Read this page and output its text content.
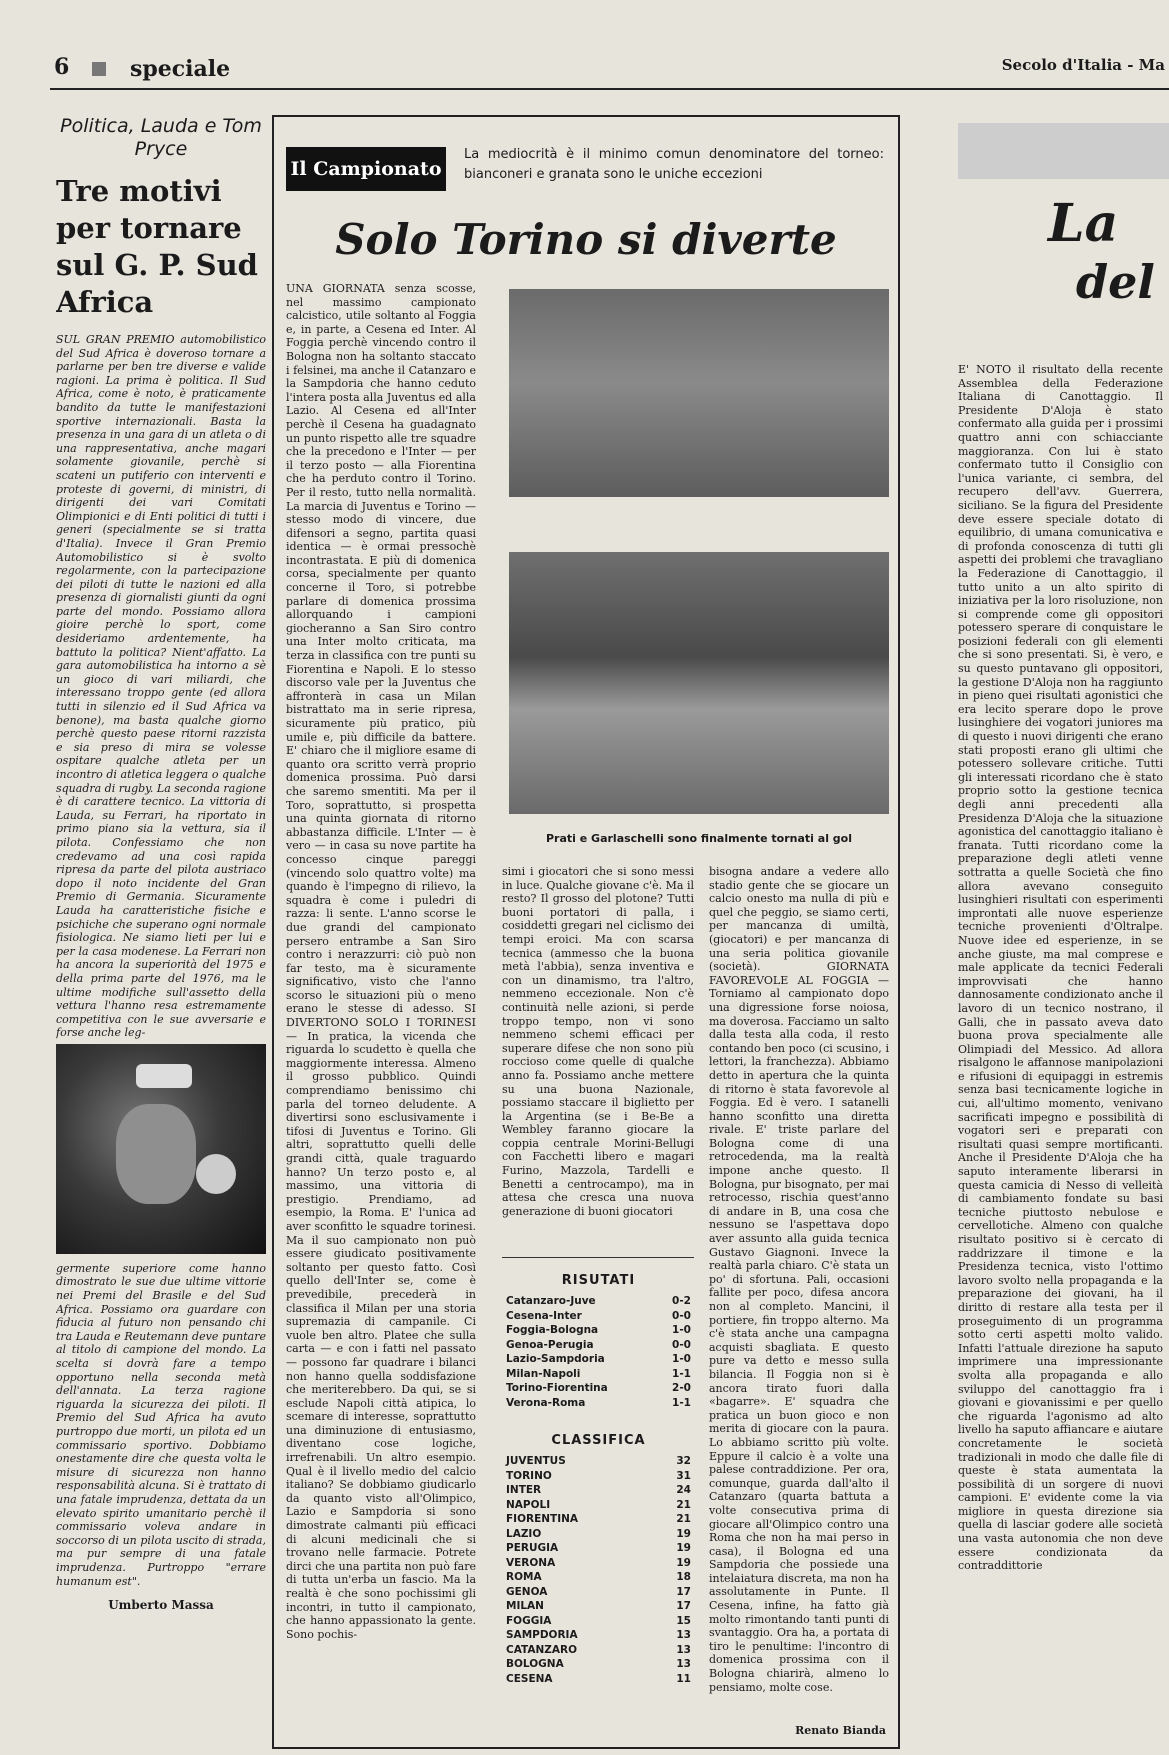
6	speciale	Secolo d'Italia - Ma

Politica, Lauda e Tom Pryce

Tre motivi per tornare sul G. P. Sud Africa

SUL GRAN PREMIO automobilistico del Sud Africa è doveroso tornare a parlarne per ben tre diverse e valide ragioni. La prima è politica. Il Sud Africa, come è noto, è praticamente bandito da tutte le manifestazioni sportive internazionali. Basta la presenza in una gara di un atleta o di una rappresentativa, anche magari solamente giovanile, perchè si scateni un putiferio con interventi e proteste di governi, di ministri, di dirigenti dei vari Comitati Olimpionici e di Enti politici di tutti i generi (specialmente se si tratta d'Italia). Invece il Gran Premio Automobilistico si è svolto regolarmente, con la partecipazione dei piloti di tutte le nazioni ed alla presenza di giornalisti giunti da ogni parte del mondo. Possiamo allora gioire perchè lo sport, come desideriamo ardentemente, ha battuto la politica? Nient'affatto. La gara automobilistica ha intorno a sè un gioco di vari miliardi, che interessano troppo gente (ed allora tutti in silenzio ed il Sud Africa va benone), ma basta qualche giorno perchè questo paese ritorni razzista e sia preso di mira se volesse ospitare qualche atleta per un incontro di atletica leggera o qualche squadra di rugby. La seconda ragione è di carattere tecnico. La vittoria di Lauda, su Ferrari, ha riportato in primo piano sia la vettura, sia il pilota. Confessiamo che non credevamo ad una così rapida ripresa da parte del pilota austriaco dopo il noto incidente del Gran Premio di Germania. Sicuramente Lauda ha caratteristiche fisiche e psichiche che superano ogni normale fisiologica. Ne siamo lieti per lui e per la casa modenese. La Ferrari non ha ancora la superiorità del 1975 e della prima parte del 1976, ma le ultime modifiche sull'assetto della vettura l'hanno resa estremamente competitiva con le sue avversarie e forse anche leg-

germente superiore come hanno dimostrato le sue due ultime vittorie nei Premi del Brasile e del Sud Africa. Possiamo ora guardare con fiducia al futuro non pensando chi tra Lauda e Reutemann deve puntare al titolo di campione del mondo. La scelta si dovrà fare a tempo opportuno nella seconda metà dell'annata. La terza ragione riguarda la sicurezza dei piloti. Il Premio del Sud Africa ha avuto purtroppo due morti, un pilota ed un commissario sportivo. Dobbiamo onestamente dire che questa volta le misure di sicurezza non hanno responsabilità alcuna. Si è trattato di una fatale imprudenza, dettata da un elevato spirito umanitario perchè il commissario voleva andare in soccorso di un pilota uscito di strada, ma pur sempre di una fatale imprudenza. Purtroppo "errare humanum est".

Umberto Massa
Il Campionato
La mediocrità è il minimo comun denominatore del torneo: bianconeri e granata sono le uniche eccezioni
Solo Torino si diverte

UNA GIORNATA senza scosse, nel massimo campionato calcistico, utile soltanto al Foggia e, in parte, a Cesena ed Inter. Al Foggia perchè vincendo contro il Bologna non ha soltanto staccato i felsinei, ma anche il Catanzaro e la Sampdoria che hanno ceduto l'intera posta alla Juventus ed alla Lazio. Al Cesena ed all'Inter perchè il Cesena ha guadagnato un punto rispetto alle tre squadre che la precedono e l'Inter — per il terzo posto — alla Fiorentina che ha perduto contro il Torino. Per il resto, tutto nella normalità. La marcia di Juventus e Torino — stesso modo di vincere, due difensori a segno, partita quasi identica — è ormai pressochè incontrastata. E più di domenica corsa, specialmente per quanto concerne il Toro, si potrebbe parlare di domenica prossima allorquando i campioni giocheranno a San Siro contro una Inter molto criticata, ma terza in classifica con tre punti su Fiorentina e Napoli. E lo stesso discorso vale per la Juventus che affronterà in casa un Milan bistrattato ma in serie ripresa, sicuramente più pratico, più umile e, più difficile da battere. E' chiaro che il migliore esame di quanto ora scritto verrà proprio domenica prossima. Può darsi che saremo smentiti. Ma per il Toro, soprattutto, si prospetta una quinta giornata di ritorno abbastanza difficile. L'Inter — è vero — in casa su nove partite ha concesso cinque pareggi (vincendo solo quattro volte) ma quando è l'impegno di rilievo, la squadra è come i puledri di razza: li sente. L'anno scorse le due grandi del campionato persero entrambe a San Siro contro i nerazzurri: ciò può non far testo, ma è sicuramente significativo, visto che l'anno scorso le situazioni più o meno erano le stesse di adesso. SI DIVERTONO SOLO I TORINESI — In pratica, la vicenda che riguarda lo scudetto è quella che maggiormente interessa. Almeno il grosso pubblico. Quindi comprendiamo benissimo chi parla del torneo deludente. A divertirsi sono esclusivamente i tifosi di Juventus e Torino. Gli altri, soprattutto quelli delle grandi città, quale traguardo hanno? Un terzo posto e, al massimo, una vittoria di prestigio. Prendiamo, ad esempio, la Roma. E' l'unica ad aver sconfitto le squadre torinesi. Ma il suo campionato non può essere giudicato positivamente soltanto per questo fatto. Così quello dell'Inter se, come è prevedibile, precederà in classifica il Milan per una storia supremazia di campanile. Ci vuole ben altro. Platee che sulla carta — e con i fatti nel passato — possono far quadrare i bilanci non hanno quella soddisfazione che meriterebbero. Da qui, se si esclude Napoli città atipica, lo scemare di interesse, soprattutto una diminuzione di entusiasmo, diventano cose logiche, irrefrenabili. Un altro esempio. Qual è il livello medio del calcio italiano? Se dobbiamo giudicarlo da quanto visto all'Olimpico, Lazio e Sampdoria si sono dimostrate calmanti più efficaci di alcuni medicinali che si trovano nelle farmacie. Potrete dirci che una partita non può fare di tutta un'erba un fascio. Ma la realtà è che sono pochissimi gli incontri, in tutto il campionato, che hanno appassionato la gente. Sono pochis-

Prati e Garlaschelli sono finalmente tornati al gol

simi i giocatori che si sono messi in luce. Qualche giovane c'è. Ma il resto? Il grosso del plotone? Tutti buoni portatori di palla, i cosiddetti gregari nel ciclismo dei tempi eroici. Ma con scarsa tecnica (ammesso che la buona metà l'abbia), senza inventiva e con un dinamismo, tra l'altro, nemmeno eccezionale. Non c'è continuità nelle azioni, si perde troppo tempo, non vi sono nemmeno schemi efficaci per superare difese che non sono più roccioso come quelle di qualche anno fa. Possiamo anche mettere su una buona Nazionale, possiamo staccare il biglietto per la Argentina (se i Be-Be a Wembley faranno giocare la coppia centrale Morini-Bellugi con Facchetti libero e magari Furino, Mazzola, Tardelli e Benetti a centrocampo), ma in attesa che cresca una nuova generazione di buoni giocatori

RISUTATI
Catanzaro-Juve	0-2
Cesena-Inter	0-0
Foggia-Bologna	1-0
Genoa-Perugia	0-0
Lazio-Sampdoria	1-0
Milan-Napoli	1-1
Torino-Fiorentina	2-0
Verona-Roma	1-1
CLASSIFICA
JUVENTUS	32
TORINO	31
INTER	24
NAPOLI	21
FIORENTINA	21
LAZIO	19
PERUGIA	19
VERONA	19
ROMA	18
GENOA	17
MILAN	17
FOGGIA	15
SAMPDORIA	13
CATANZARO	13
BOLOGNA	13
CESENA	11

bisogna andare a vedere allo stadio gente che se giocare un calcio onesto ma nulla di più e quel che peggio, se siamo certi, per mancanza di umiltà, (giocatori) e per mancanza di una seria politica giovanile (società). GIORNATA FAVOREVOLE AL FOGGIA — Torniamo al campionato dopo una digressione forse noiosa, ma doverosa. Facciamo un salto dalla testa alla coda, il resto contando ben poco (ci scusino, i lettori, la franchezza). Abbiamo detto in apertura che la quinta di ritorno è stata favorevole al Foggia. Ed è vero. I satanelli hanno sconfitto una diretta rivale. E' triste parlare del Bologna come di una retrocedenda, ma la realtà impone anche questo. Il Bologna, pur bisognato, per mai retrocesso, rischia quest'anno di andare in B, una cosa che nessuno se l'aspettava dopo aver assunto alla guida tecnica Gustavo Giagnoni. Invece la realtà parla chiaro. C'è stata un po' di sfortuna. Pali, occasioni fallite per poco, difesa ancora non al completo. Mancini, il portiere, fin troppo alterno. Ma c'è stata anche una campagna acquisti sbagliata. E questo pure va detto e messo sulla bilancia. Il Foggia non si è ancora tirato fuori dalla «bagarre». E' squadra che pratica un buon gioco e non merita di giocare con la paura. Lo abbiamo scritto più volte. Eppure il calcio è a volte una palese contraddizione. Per ora, comunque, guarda dall'alto il Catanzaro (quarta battuta a volte consecutiva prima di giocare all'Olimpico contro una Roma che non ha mai perso in casa), il Bologna ed una Sampdoria che possiede una intelaiatura discreta, ma non ha assolutamente in Punte. Il Cesena, infine, ha fatto già molto rimontando tanti punti di svantaggio. Ora ha, a portata di tiro le penultime: l'incontro di domenica prossima con il Bologna chiarirà, almeno lo pensiamo, molte cose.

Renato Bianda
La
del

E' NOTO il risultato della recente Assemblea della Federazione Italiana di Canottaggio. Il Presidente D'Aloja è stato confermato alla guida per i prossimi quattro anni con schiacciante maggioranza. Con lui è stato confermato tutto il Consiglio con l'unica variante, ci sembra, del recupero dell'avv. Guerrera, siciliano. Se la figura del Presidente deve essere speciale dotato di equilibrio, di umana comunicativa e di profonda conoscenza di tutti gli aspetti dei problemi che travagliano la Federazione di Canottaggio, il tutto unito a un alto spirito di iniziativa per la loro risoluzione, non si comprende come gli oppositori potessero sperare di conquistare le posizioni federali con gli elementi che si sono presentati. Si, è vero, e su questo puntavano gli oppositori, la gestione D'Aloja non ha raggiunto in pieno quei risultati agonistici che era lecito sperare dopo le prove lusinghiere dei vogatori juniores ma di questo i nuovi dirigenti che erano stati proposti erano gli ultimi che potessero sollevare critiche. Tutti gli interessati ricordano che è stato proprio sotto la gestione tecnica degli anni precedenti alla Presidenza D'Aloja che la situazione agonistica del canottaggio italiano è franata. Tutti ricordano come la preparazione degli atleti venne sottratta a quelle Società che fino allora avevano conseguito lusinghieri risultati con esperimenti improntati alle nuove esperienze tecniche provenienti d'Oltralpe. Nuove idee ed esperienze, in se anche giuste, ma mal comprese e male applicate da tecnici Federali improvvisati che hanno dannosamente condizionato anche il lavoro di un tecnico nostrano, il Galli, che in passato aveva dato buona prova specialmente alle Olimpiadi del Messico. Ad allora risalgono le affannose manipolazioni e rifusioni di equipaggi in estremis senza basi tecnicamente logiche in cui, all'ultimo momento, venivano sacrificati impegno e possibilità di vogatori seri e preparati con risultati quasi sempre mortificanti. Anche il Presidente D'Aloja che ha saputo interamente liberarsi in questa camicia di Nesso di velleità di cambiamento fondate su basi tecniche piuttosto nebulose e cervellotiche. Almeno con qualche risultato positivo si è cercato di raddrizzare il timone e la Presidenza tecnica, visto l'ottimo lavoro svolto nella propaganda e la preparazione dei giovani, ha il diritto di restare alla testa per il proseguimento di un programma sotto certi aspetti molto valido. Infatti l'attuale direzione ha saputo imprimere una impressionante svolta alla propaganda e allo sviluppo del canottaggio fra i giovani e giovanissimi e per quello che riguarda l'agonismo ad alto livello ha saputo affiancare e aiutare concretamente le società tradizionali in modo che dalle file di queste è stata aumentata la possibilità di un sorgere di nuovi campioni. E' evidente come la via migliore in questa direzione sia quella di lasciar godere alle società una vasta autonomia che non deve essere condizionata da contraddittorie
